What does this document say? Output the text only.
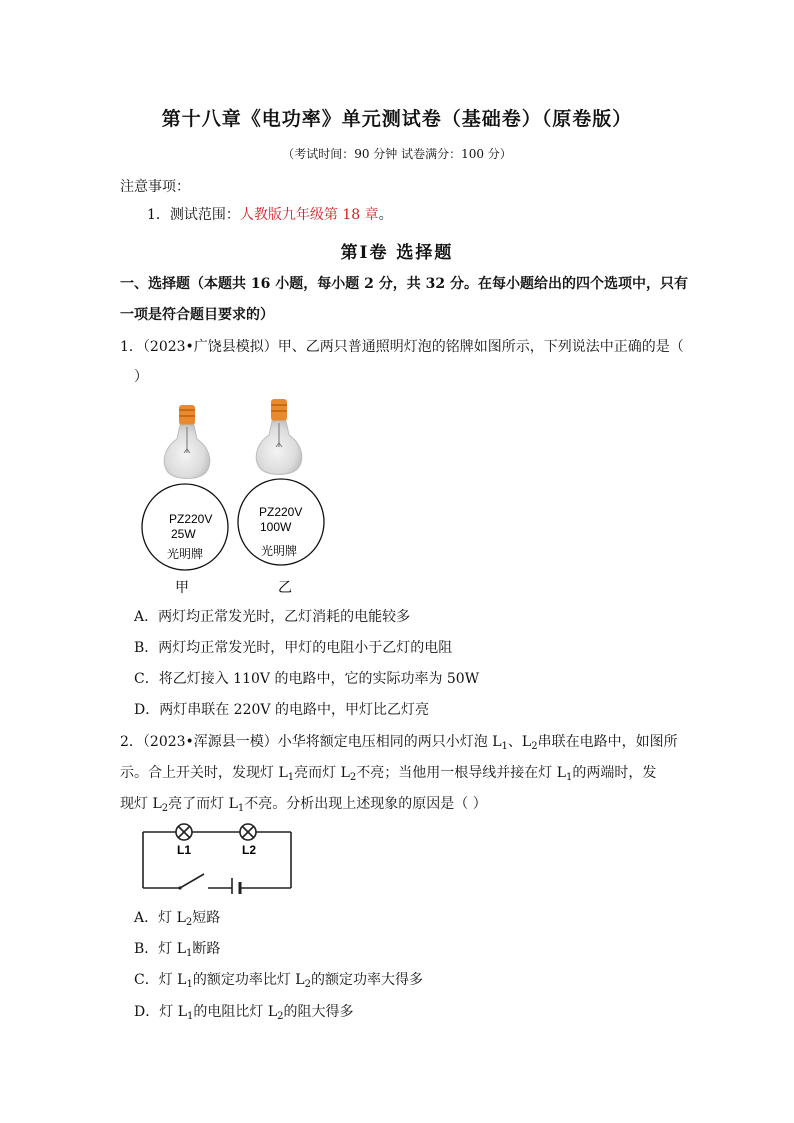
第十八章《电功率》单元测试卷（基础卷）（原卷版）
（考试时间：90 分钟 试卷满分：100 分）
注意事项：
1．测试范围：人教版九年级第 18 章。
第Ⅰ卷 选择题
一、选择题（本题共 16 小题，每小题 2 分，共 32 分。在每小题给出的四个选项中，只有
一项是符合题目要求的）
1．（2023•广饶县模拟）甲、乙两只普通照明灯泡的铭牌如图所示，下列说法中正确的是（
）
PZ220V
25W
光明牌
PZ220V
100W
光明牌
甲	乙
A．两灯均正常发光时，乙灯消耗的电能较多
B．两灯均正常发光时，甲灯的电阻小于乙灯的电阻
C．将乙灯接入 110V 的电路中，它的实际功率为 50W
D．两灯串联在 220V 的电路中，甲灯比乙灯亮
2．（2023•浑源县一模）小华将额定电压相同的两只小灯泡 $L_1$、$L_2$串联在电路中，如图所
示。合上开关时，发现灯 $L_1$亮而灯 $L_2$不亮；当他用一根导线并接在灯 $L_1$的两端时，发
现灯 $L_2$亮了而灯 $L_1$不亮。分析出现上述现象的原因是（ ）
L1	L2
A．灯 $L_2$短路
B．灯 $L_1$断路
C．灯 $L_1$的额定功率比灯 $L_2$的额定功率大得多
D．灯 $L_1$的电阻比灯 $L_2$的阻大得多
